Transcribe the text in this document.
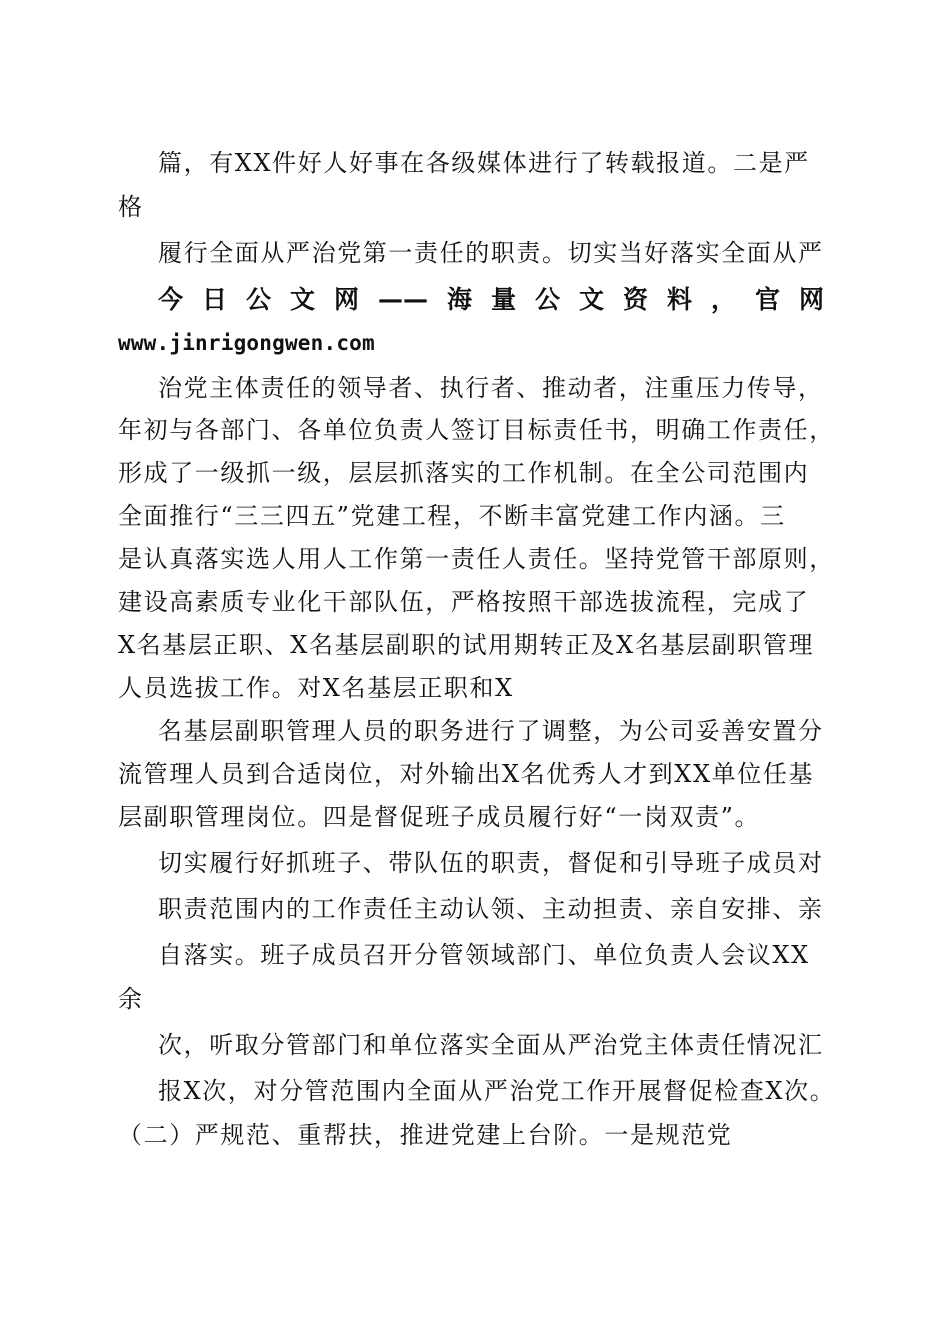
篇，有XX件好人好事在各级媒体进行了转载报道。二是严

格

履行全面从严治党第一责任的职责。切实当好落实全面从严

今日公文网——海量公文资料，官网
www.jinrigongwen.com

治党主体责任的领导者、执行者、推动者，注重压力传导，

年初与各部门、各单位负责人签订目标责任书，明确工作责任，

形成了一级抓一级，层层抓落实的工作机制。在全公司范围内

全面推行“三三四五”党建工程，不断丰富党建工作内涵。三

是认真落实选人用人工作第一责任人责任。坚持党管干部原则，

建设高素质专业化干部队伍，严格按照干部选拔流程，完成了

X名基层正职、X名基层副职的试用期转正及X名基层副职管理

人员选拔工作。对X名基层正职和X

名基层副职管理人员的职务进行了调整，为公司妥善安置分

流管理人员到合适岗位，对外输出X名优秀人才到XX单位任基

层副职管理岗位。四是督促班子成员履行好“一岗双责”。

切实履行好抓班子、带队伍的职责，督促和引导班子成员对

职责范围内的工作责任主动认领、主动担责、亲自安排、亲

自落实。班子成员召开分管领域部门、单位负责人会议XX

余

次，听取分管部门和单位落实全面从严治党主体责任情况汇

报X次，对分管范围内全面从严治党工作开展督促检查X次。

（二）严规范、重帮扶，推进党建上台阶。一是规范党
